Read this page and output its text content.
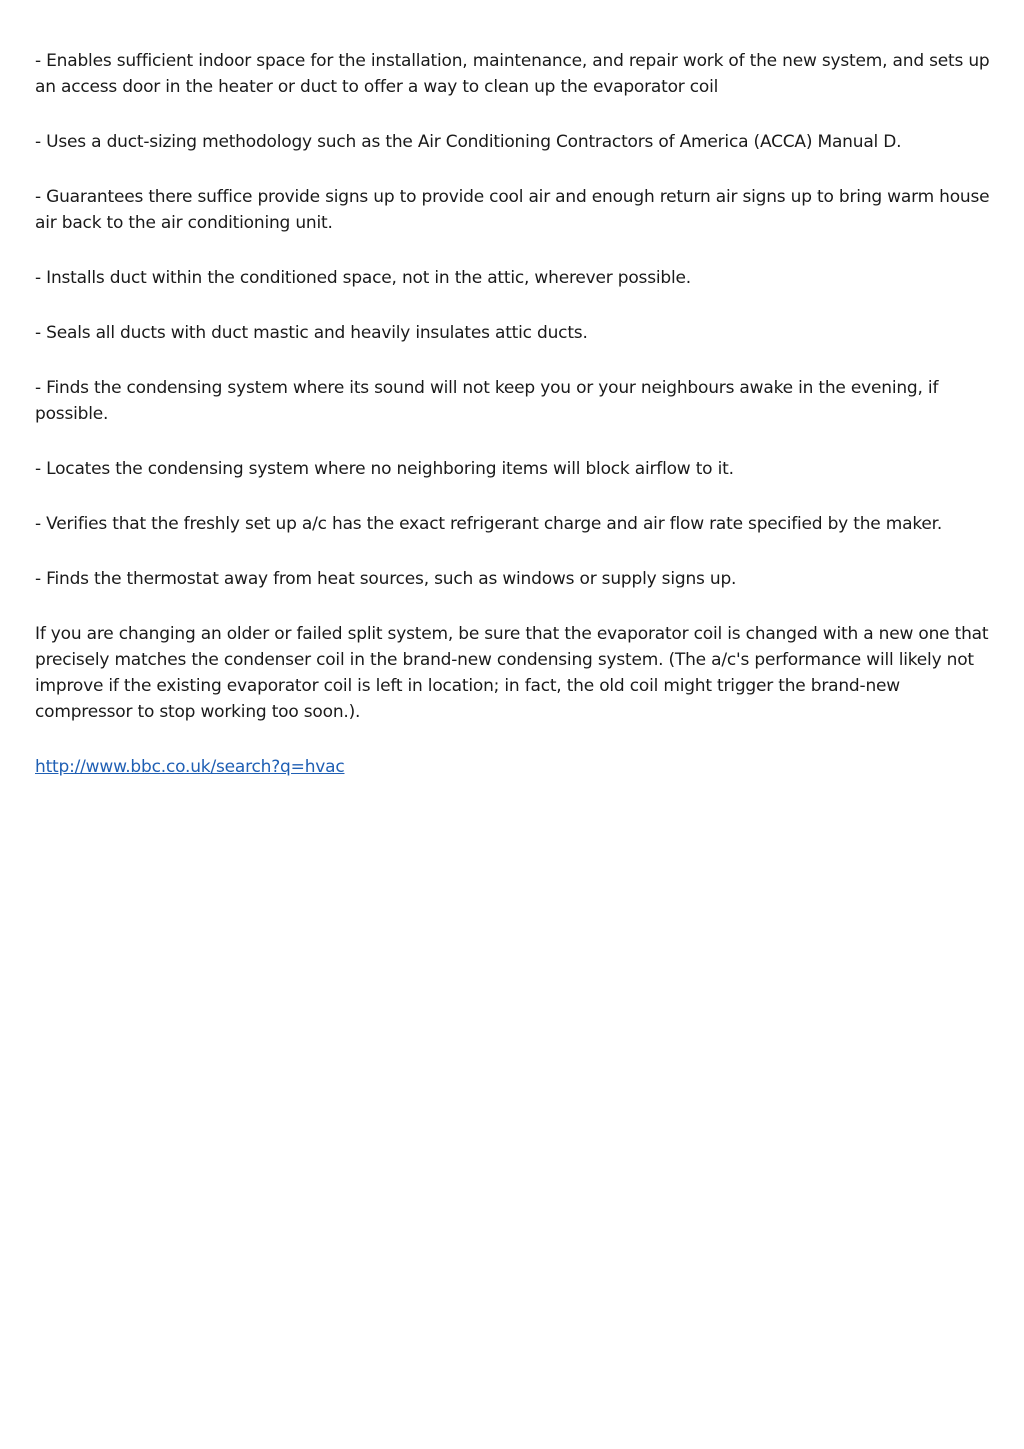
- Enables sufficient indoor space for the installation, maintenance, and repair work of the new system, and sets up an access door in the heater or duct to offer a way to clean up the evaporator coil

- Uses a duct-sizing methodology such as the Air Conditioning Contractors of America (ACCA) Manual D.

- Guarantees there suffice provide signs up to provide cool air and enough return air signs up to bring warm house air back to the air conditioning unit.

- Installs duct within the conditioned space, not in the attic, wherever possible.

- Seals all ducts with duct mastic and heavily insulates attic ducts.

- Finds the condensing system where its sound will not keep you or your neighbours awake in the evening, if possible.

- Locates the condensing system where no neighboring items will block airflow to it.

- Verifies that the freshly set up a/c has the exact refrigerant charge and air flow rate specified by the maker.

- Finds the thermostat away from heat sources, such as windows or supply signs up.

If you are changing an older or failed split system, be sure that the evaporator coil is changed with a new one that precisely matches the condenser coil in the brand-new condensing system. (The a/c's performance will likely not improve if the existing evaporator coil is left in location; in fact, the old coil might trigger the brand-new compressor to stop working too soon.).

http://www.bbc.co.uk/search?q=hvac
